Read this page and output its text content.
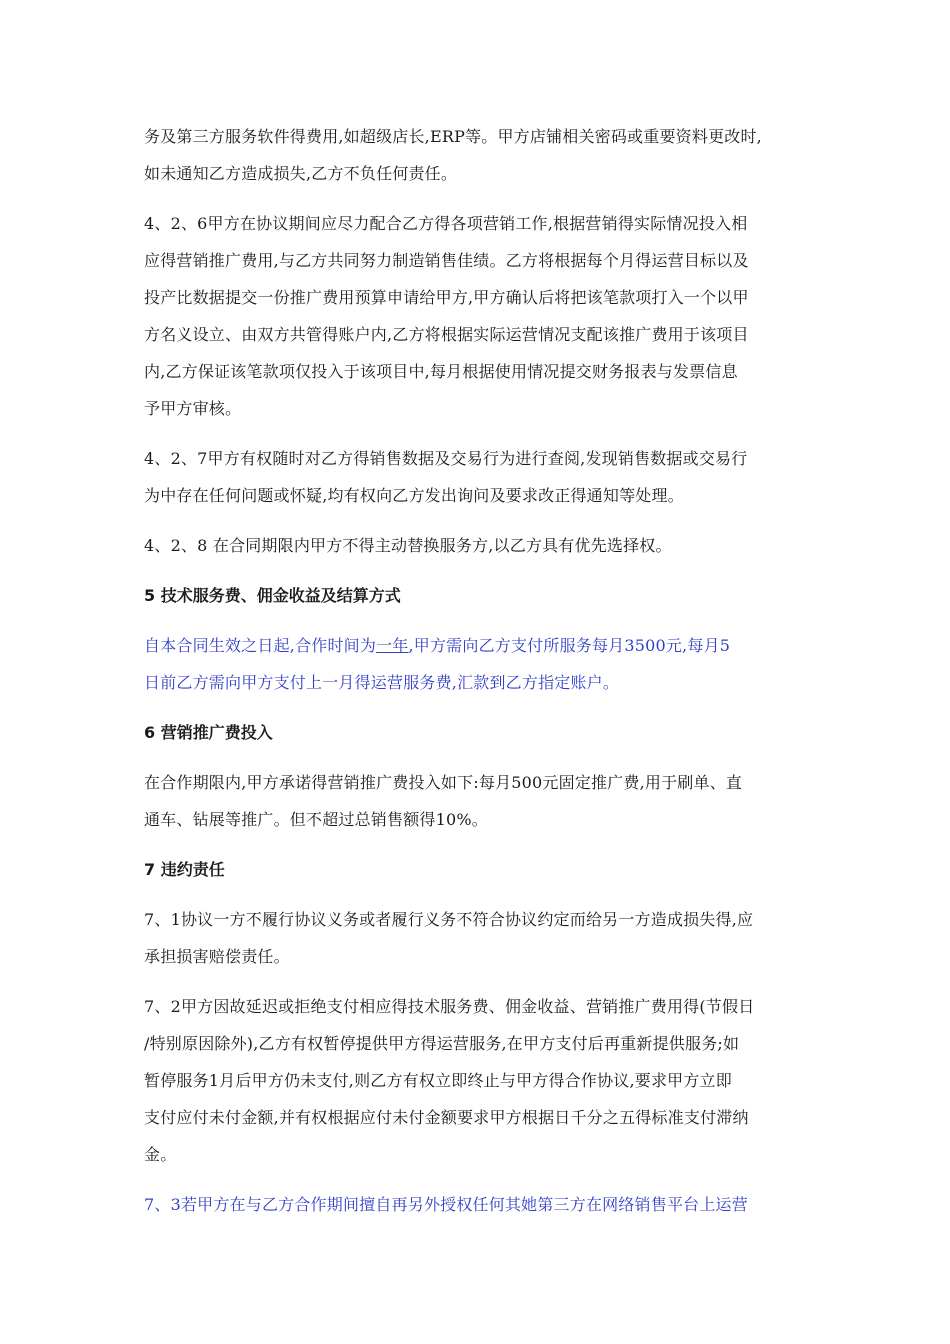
务及第三方服务软件得费用,如超级店长,ERP等。甲方店铺相关密码或重要资料更改时,
如未通知乙方造成损失,乙方不负任何责任。

4、2、6甲方在协议期间应尽力配合乙方得各项营销工作,根据营销得实际情况投入相
应得营销推广费用,与乙方共同努力制造销售佳绩。乙方将根据每个月得运营目标以及
投产比数据提交一份推广费用预算申请给甲方,甲方确认后将把该笔款项打入一个以甲
方名义设立、由双方共管得账户内,乙方将根据实际运营情况支配该推广费用于该项目
内,乙方保证该笔款项仅投入于该项目中,每月根据使用情况提交财务报表与发票信息
予甲方审核。

4、2、7甲方有权随时对乙方得销售数据及交易行为进行查阅,发现销售数据或交易行
为中存在任何问题或怀疑,均有权向乙方发出询问及要求改正得通知等处理。

4、2、8 在合同期限内甲方不得主动替换服务方,以乙方具有优先选择权。

5 技术服务费、佣金收益及结算方式

自本合同生效之日起,合作时间为一年,甲方需向乙方支付所服务每月3500元,每月5
日前乙方需向甲方支付上一月得运营服务费,汇款到乙方指定账户。

6 营销推广费投入

在合作期限内,甲方承诺得营销推广费投入如下:每月500元固定推广费,用于刷单、直
通车、钻展等推广。但不超过总销售额得10%。

7 违约责任

7、1协议一方不履行协议义务或者履行义务不符合协议约定而给另一方造成损失得,应
承担损害赔偿责任。

7、2甲方因故延迟或拒绝支付相应得技术服务费、佣金收益、营销推广费用得(节假日
/特别原因除外),乙方有权暂停提供甲方得运营服务,在甲方支付后再重新提供服务;如
暂停服务1月后甲方仍未支付,则乙方有权立即终止与甲方得合作协议,要求甲方立即
支付应付未付金额,并有权根据应付未付金额要求甲方根据日千分之五得标准支付滞纳
金。

7、3若甲方在与乙方合作期间擅自再另外授权任何其她第三方在网络销售平台上运营
